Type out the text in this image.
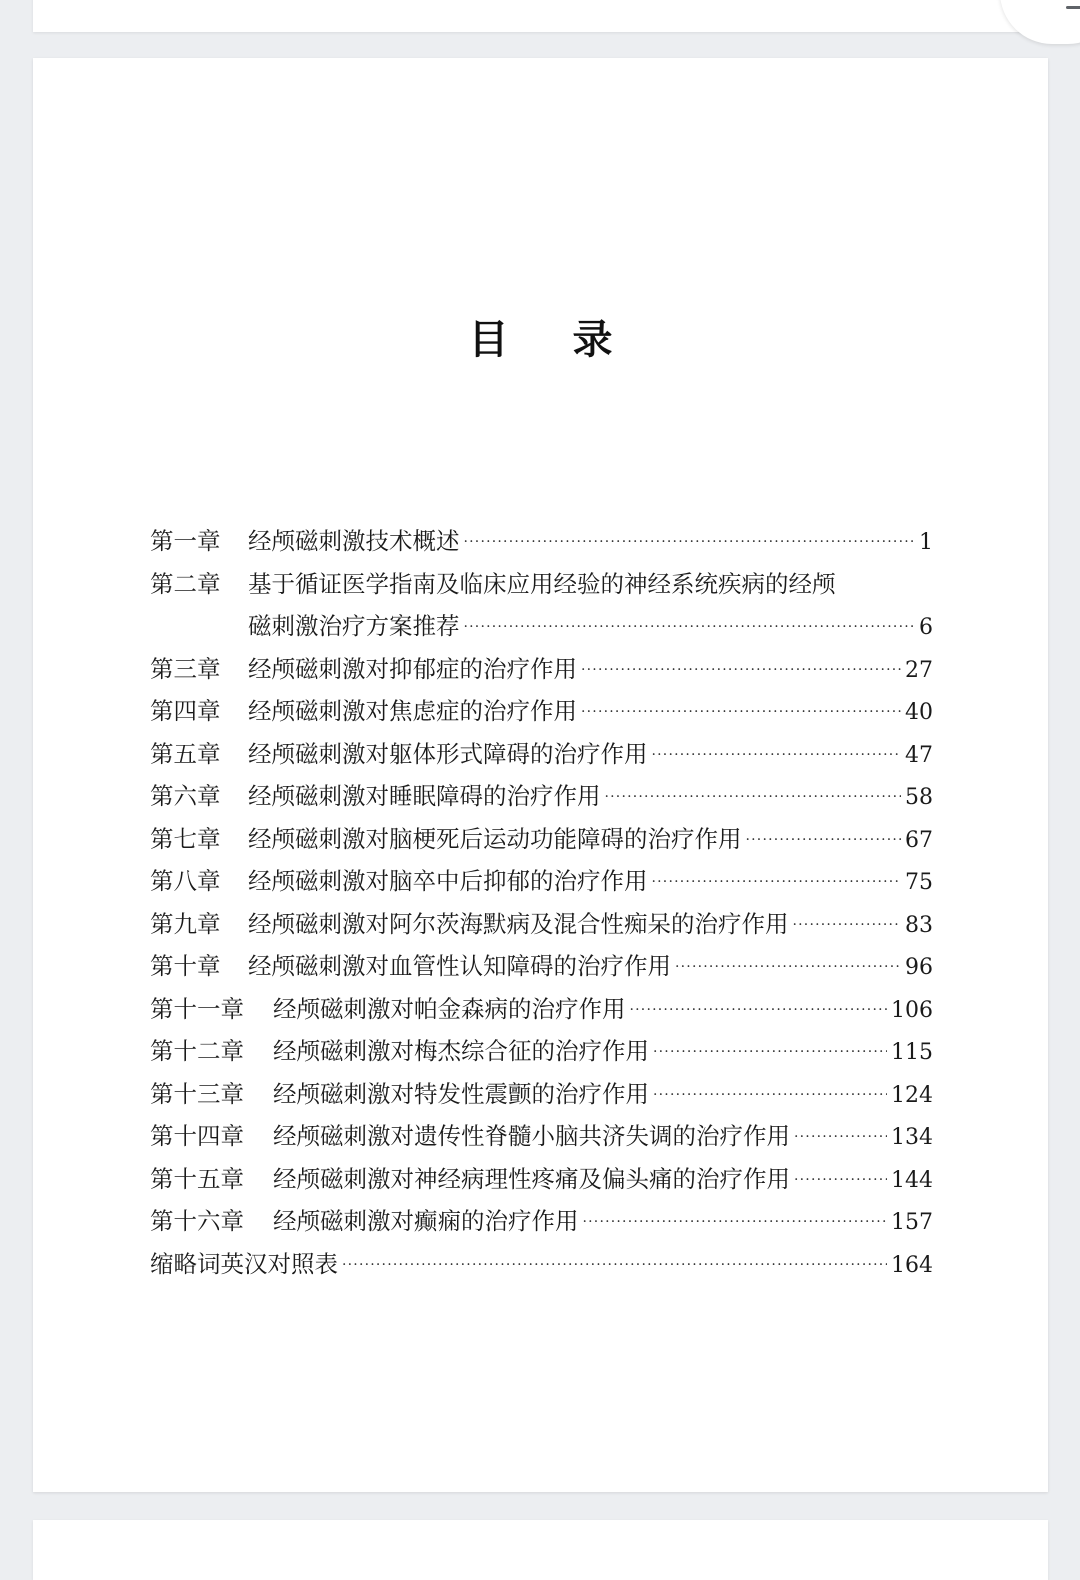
目录
第一章	经颅磁刺激技术概述 ·····	1
第二章	基于循证医学指南及临床应用经验的神经系统疾病的经颅
磁刺激治疗方案推荐 ·····	6
第三章	经颅磁刺激对抑郁症的治疗作用 ·····	27
第四章	经颅磁刺激对焦虑症的治疗作用 ·····	40
第五章	经颅磁刺激对躯体形式障碍的治疗作用 ·····	47
第六章	经颅磁刺激对睡眠障碍的治疗作用 ·····	58
第七章	经颅磁刺激对脑梗死后运动功能障碍的治疗作用 ·····	67
第八章	经颅磁刺激对脑卒中后抑郁的治疗作用 ·····	75
第九章	经颅磁刺激对阿尔茨海默病及混合性痴呆的治疗作用 ·····	83
第十章	经颅磁刺激对血管性认知障碍的治疗作用 ·····	96
第十一章	经颅磁刺激对帕金森病的治疗作用 ·····	106
第十二章	经颅磁刺激对梅杰综合征的治疗作用 ·····	115
第十三章	经颅磁刺激对特发性震颤的治疗作用 ·····	124
第十四章	经颅磁刺激对遗传性脊髓小脑共济失调的治疗作用 ·····	134
第十五章	经颅磁刺激对神经病理性疼痛及偏头痛的治疗作用 ·····	144
第十六章	经颅磁刺激对癫痫的治疗作用 ·····	157
缩略词英汉对照表 ·····	164
